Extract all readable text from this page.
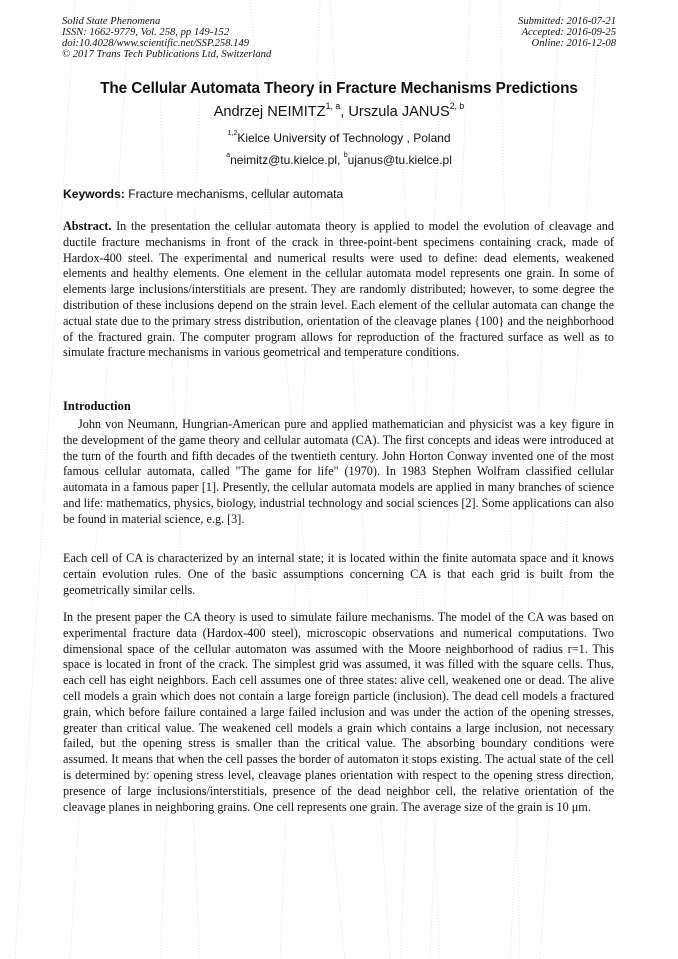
Solid State Phenomena
ISSN: 1662-9779, Vol. 258, pp 149-152
doi:10.4028/www.scientific.net/SSP.258.149
© 2017 Trans Tech Publications Ltd, Switzerland
Submitted: 2016-07-21
Accepted: 2016-09-25
Online: 2016-12-08
The Cellular Automata Theory in Fracture Mechanisms Predictions
Andrzej NEIMITZ$^{1, a}$, Urszula JANUS$^{2, b}$
$^{1,2}$Kielce University of Technology , Poland
$^a$neimitz@tu.kielce.pl, $^b$ujanus@tu.kielce.pl
Keywords: Fracture mechanisms, cellular automata
Abstract. In the presentation the cellular automata theory is applied to model the evolution of cleavage and ductile fracture mechanisms in front of the crack in three-point-bent specimens containing crack, made of Hardox-400 steel. The experimental and numerical results were used to define: dead elements, weakened elements and healthy elements. One element in the cellular automata model represents one grain. In some of elements large inclusions/interstitials are present. They are randomly distributed; however, to some degree the distribution of these inclusions depend on the strain level. Each element of the cellular automata can change the actual state due to the primary stress distribution, orientation of the cleavage planes {100} and the neighborhood of the fractured grain. The computer program allows for reproduction of the fractured surface as well as to simulate fracture mechanisms in various geometrical and temperature conditions.
Introduction
John von Neumann, Hungrian-American pure and applied mathematician and physicist was a key figure in the development of the game theory and cellular automata (CA). The first concepts and ideas were introduced at the turn of the fourth and fifth decades of the twentieth century. John Horton Conway invented one of the most famous cellular automata, called "The game for life" (1970). In 1983 Stephen Wolfram classified cellular automata in a famous paper [1]. Presently, the cellular automata models are applied in many branches of science and life: mathematics, physics, biology, industrial technology and social sciences [2]. Some applications can also be found in material science, e.g. [3].
Each cell of CA is characterized by an internal state; it is located within the finite automata space and it knows certain evolution rules. One of the basic assumptions concerning CA is that each grid is built from the geometrically similar cells.
In the present paper the CA theory is used to simulate failure mechanisms. The model of the CA was based on experimental fracture data (Hardox-400 steel), microscopic observations and numerical computations. Two dimensional space of the cellular automaton was assumed with the Moore neighborhood of radius r=1. This space is located in front of the crack. The simplest grid was assumed, it was filled with the square cells. Thus, each cell has eight neighbors. Each cell assumes one of three states: alive cell, weakened one or dead. The alive cell models a grain which does not contain a large foreign particle (inclusion). The dead cell models a fractured grain, which before failure contained a large failed inclusion and was under the action of the opening stresses, greater than critical value. The weakened cell models a grain which contains a large inclusion, not necessary failed, but the opening stress is smaller than the critical value. The absorbing boundary conditions were assumed. It means that when the cell passes the border of automaton it stops existing. The actual state of the cell is determined by: opening stress level, cleavage planes orientation with respect to the opening stress direction, presence of large inclusions/interstitials, presence of the dead neighbor cell, the relative orientation of the cleavage planes in neighboring grains. One cell represents one grain. The average size of the grain is 10 μm.
